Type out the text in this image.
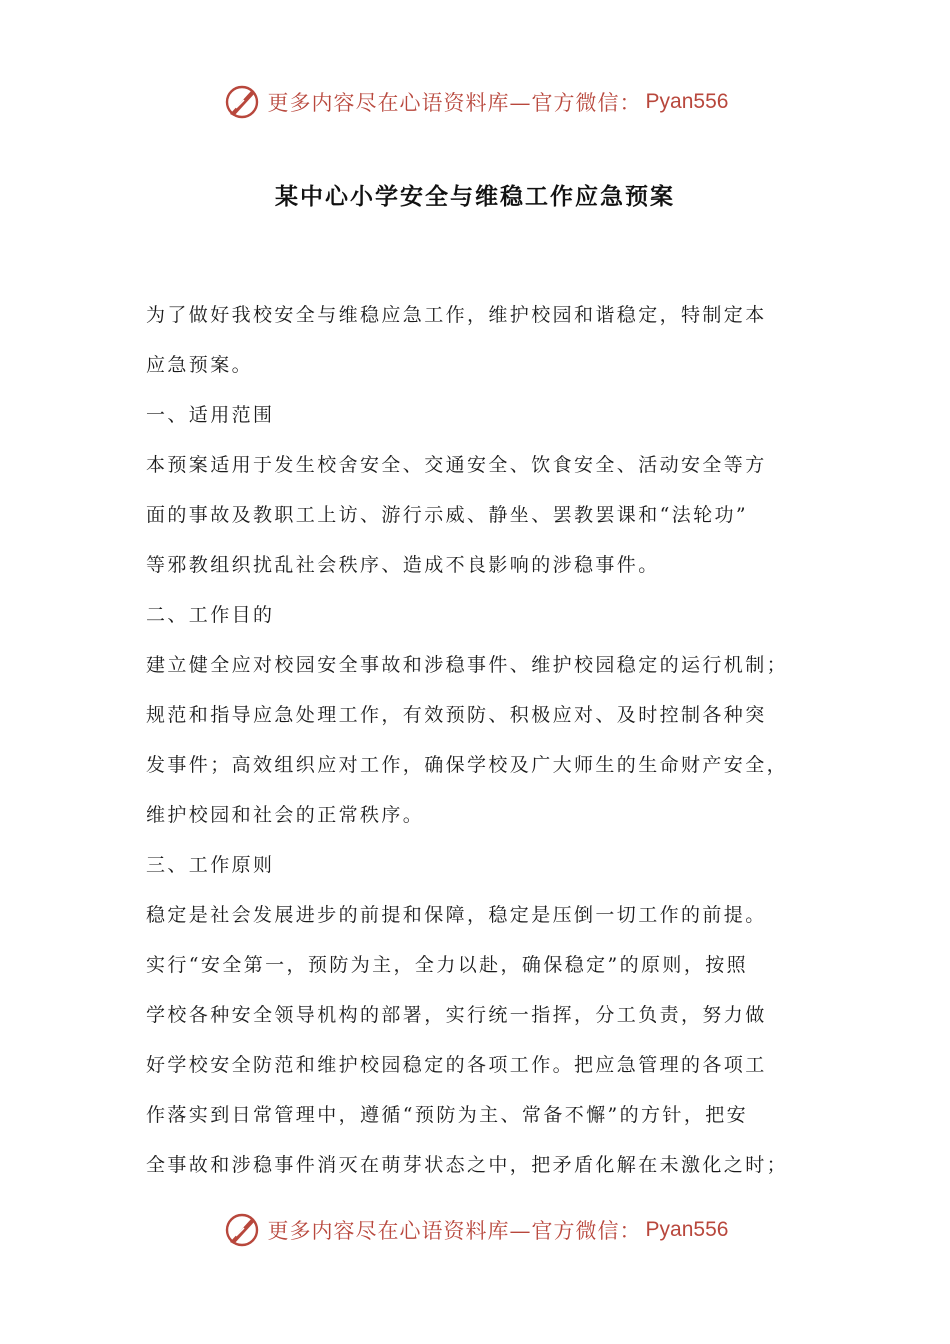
更多内容尽在心语资料库—官方微信： Pyan556
某中心小学安全与维稳工作应急预案
为了做好我校安全与维稳应急工作，维护校园和谐稳定，特制定本
应急预案。
一、适用范围
本预案适用于发生校舍安全、交通安全、饮食安全、活动安全等方
面的事故及教职工上访、游行示威、静坐、罢教罢课和“法轮功”
等邪教组织扰乱社会秩序、造成不良影响的涉稳事件。
二、工作目的
建立健全应对校园安全事故和涉稳事件、维护校园稳定的运行机制；
规范和指导应急处理工作，有效预防、积极应对、及时控制各种突
发事件；高效组织应对工作，确保学校及广大师生的生命财产安全，
维护校园和社会的正常秩序。
三、工作原则
稳定是社会发展进步的前提和保障，稳定是压倒一切工作的前提。
实行“安全第一，预防为主，全力以赴，确保稳定”的原则，按照
学校各种安全领导机构的部署，实行统一指挥，分工负责，努力做
好学校安全防范和维护校园稳定的各项工作。把应急管理的各项工
作落实到日常管理中，遵循“预防为主、常备不懈”的方针，把安
全事故和涉稳事件消灭在萌芽状态之中，把矛盾化解在未激化之时；
更多内容尽在心语资料库—官方微信： Pyan556
